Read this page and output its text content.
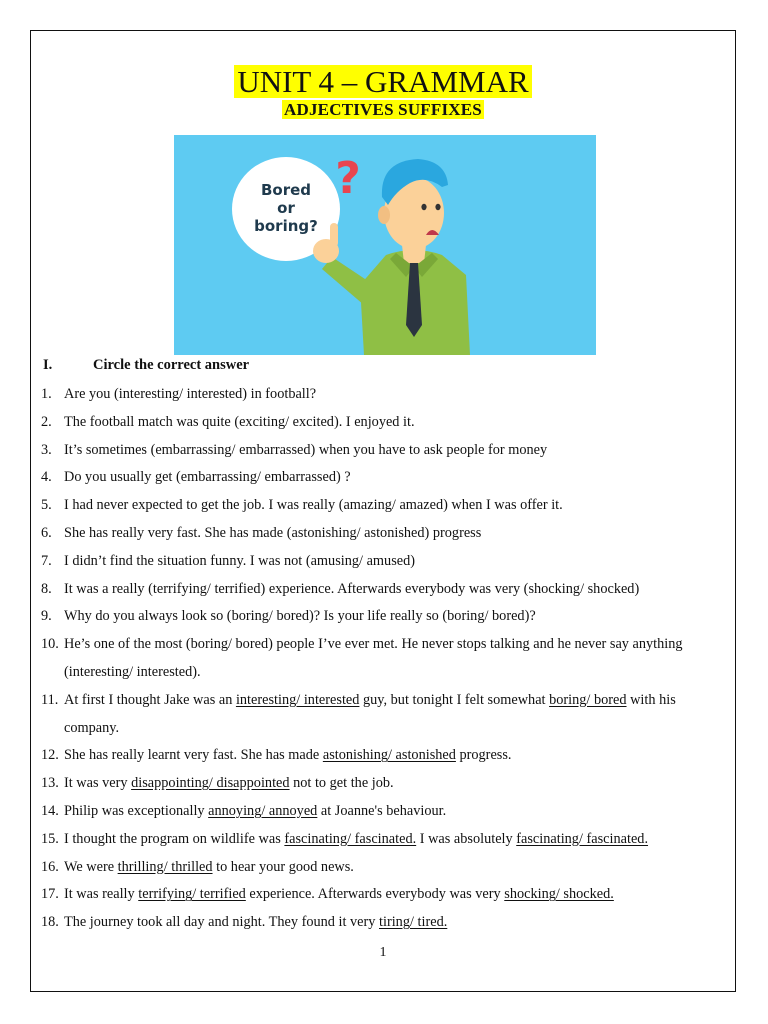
UNIT 4 – GRAMMAR
ADJECTIVES SUFFIXES
Bored
or
boring?
?
I.	Circle the correct answer
1. Are you (interesting/ interested) in football?
2. The football match was quite (exciting/ excited). I enjoyed it.
3. It’s sometimes (embarrassing/ embarrassed) when you have to ask people for money
4. Do you usually get (embarrassing/ embarrassed) ?
5. I had never expected to get the job. I was really (amazing/ amazed) when I was offer it.
6. She has really very fast. She has made (astonishing/ astonished) progress
7. I didn’t find the situation funny. I was not (amusing/ amused)
8. It was a really (terrifying/ terrified) experience. Afterwards everybody was very (shocking/ shocked)
9. Why do you always look so (boring/ bored)? Is your life really so (boring/ bored)?
10. He’s one of the most (boring/ bored) people I’ve ever met. He never stops talking and he never say anything (interesting/ interested).
11. At first I thought Jake was an interesting/ interested guy, but tonight I felt somewhat boring/ bored with his company.
12. She has really learnt very fast. She has made astonishing/ astonished progress.
13. It was very disappointing/ disappointed not to get the job.
14. Philip was exceptionally annoying/ annoyed at Joanne's behaviour.
15. I thought the program on wildlife was fascinating/ fascinated. I was absolutely fascinating/ fascinated.
16. We were thrilling/ thrilled to hear your good news.
17. It was really terrifying/ terrified experience. Afterwards everybody was very shocking/ shocked.
18. The journey took all day and night. They found it very tiring/ tired.
1
